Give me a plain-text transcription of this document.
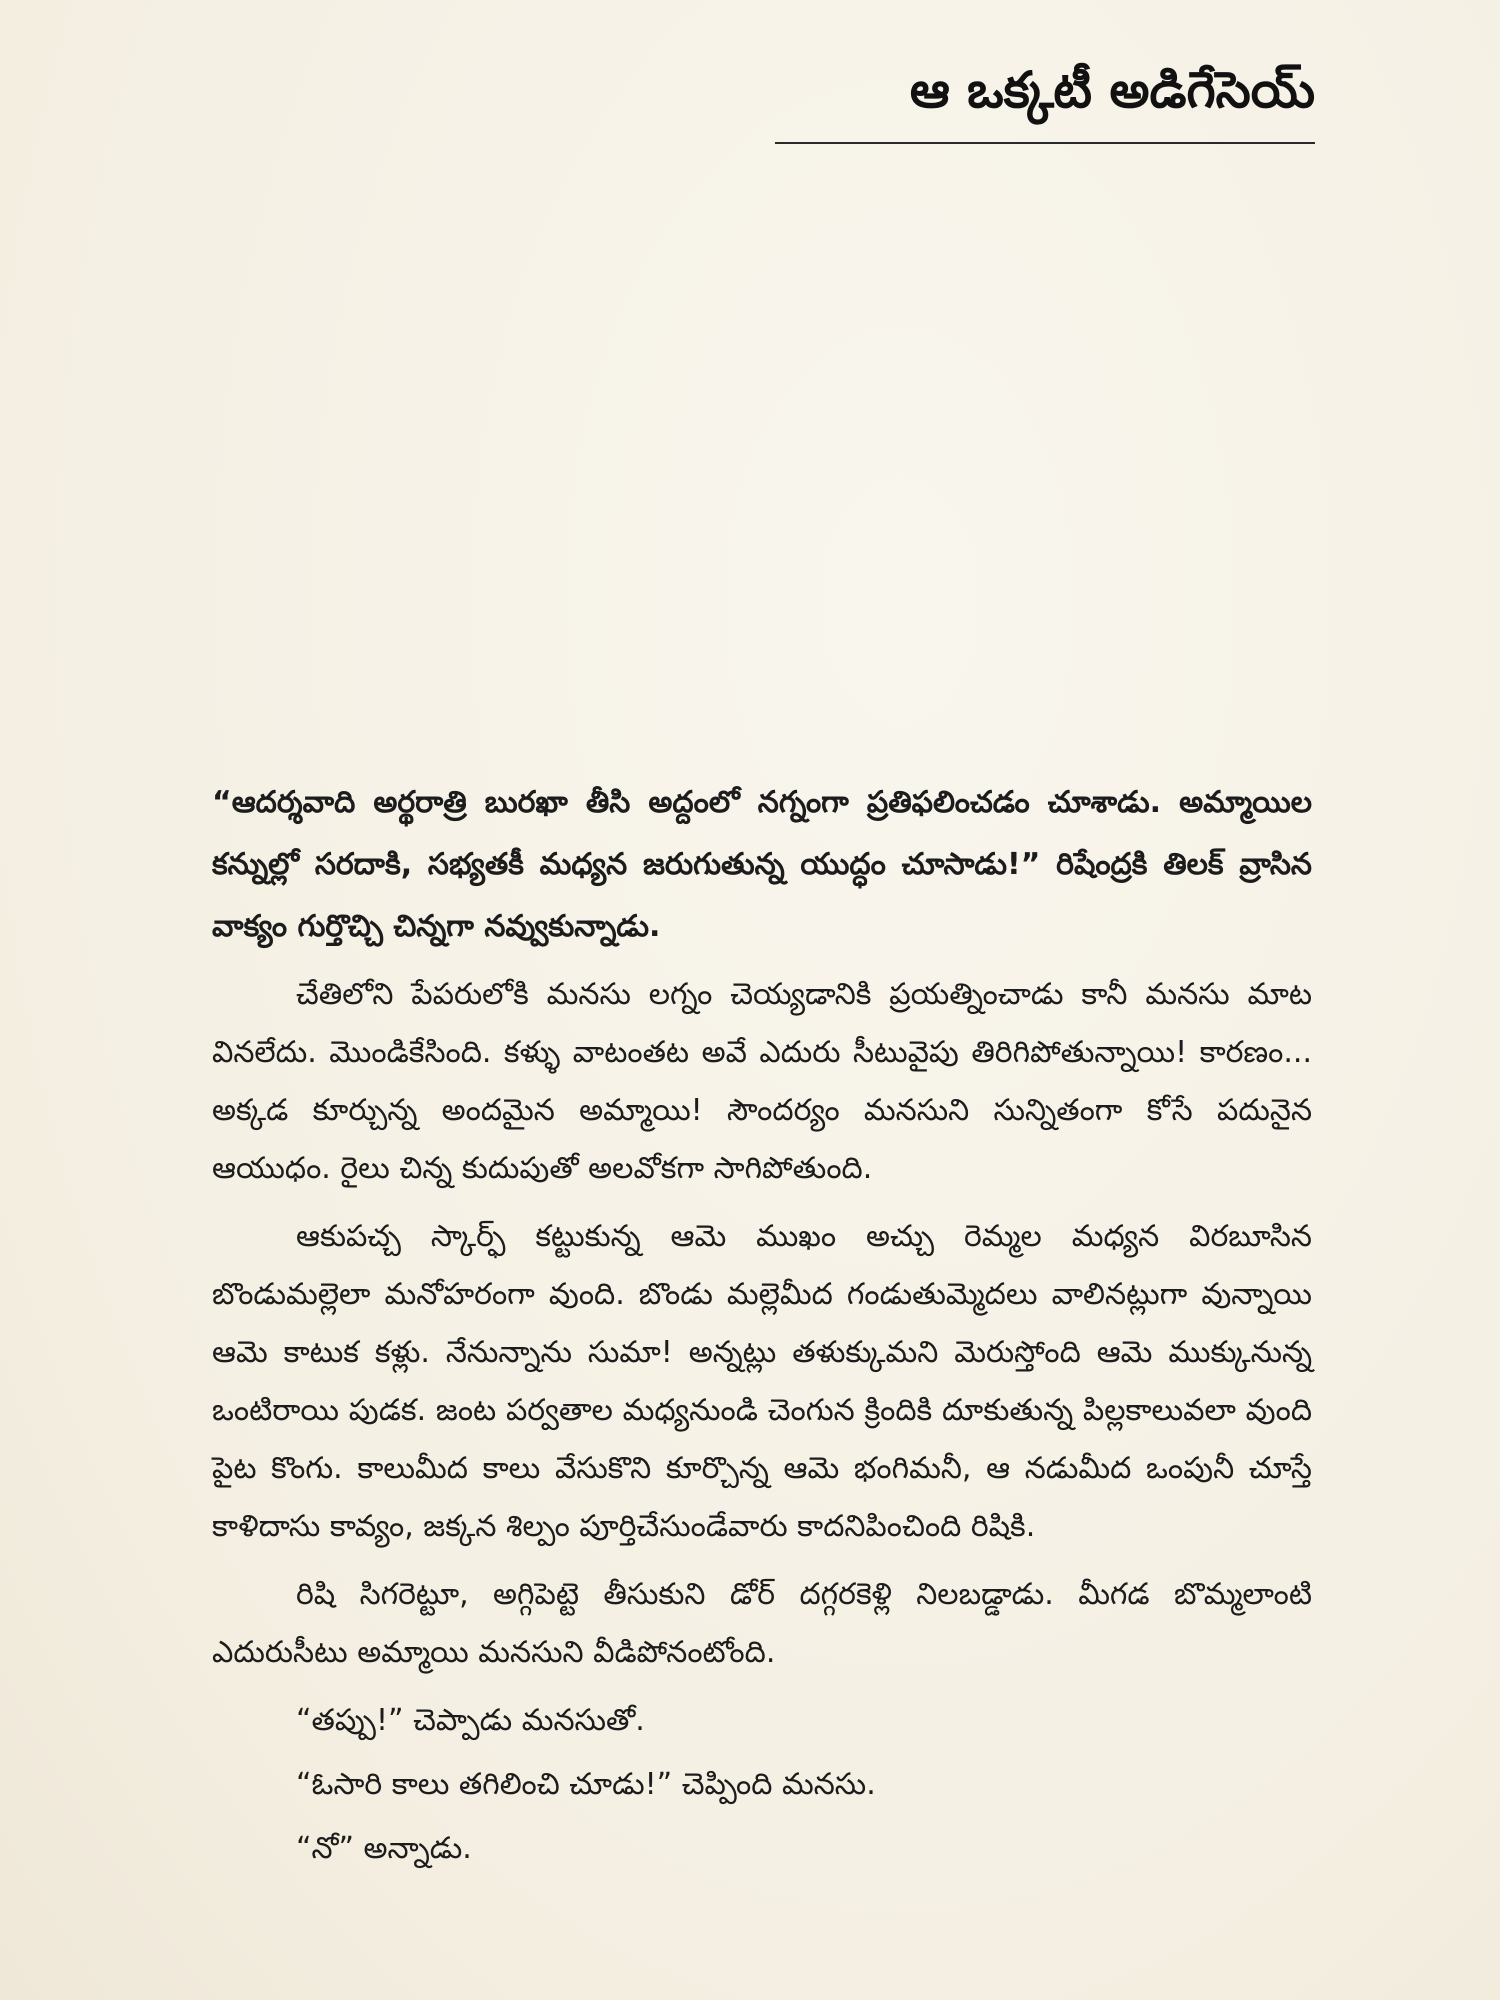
ఆ ఒక్కటీ అడిగేసెయ్

“ఆదర్శవాది అర్థరాత్రి బురఖా తీసి అద్దంలో నగ్నంగా ప్రతిఫలించడం చూశాడు. అమ్మాయిల కన్నుల్లో సరదాకి, సభ్యతకీ మధ్యన జరుగుతున్న యుద్ధం చూసాడు!” రిషేంద్రకి తిలక్ వ్రాసిన వాక్యం గుర్తొచ్చి చిన్నగా నవ్వుకున్నాడు.

చేతిలోని పేపరులోకి మనసు లగ్నం చెయ్యడానికి ప్రయత్నించాడు కానీ మనసు మాట వినలేదు. మొండికేసింది. కళ్ళు వాటంతట అవే ఎదురు సీటువైపు తిరిగిపోతున్నాయి! కారణం... అక్కడ కూర్చున్న అందమైన అమ్మాయి! సౌందర్యం మనసుని సున్నితంగా కోసే పదునైన ఆయుధం. రైలు చిన్న కుదుపుతో అలవోకగా సాగిపోతుంది.

ఆకుపచ్చ స్కార్ఫ్ కట్టుకున్న ఆమె ముఖం అచ్చు రెమ్మల మధ్యన విరబూసిన బొండుమల్లెలా మనోహరంగా వుంది. బొండు మల్లెమీద గండుతుమ్మెదలు వాలినట్లుగా వున్నాయి ఆమె కాటుక కళ్లు. నేనున్నాను సుమా! అన్నట్లు తళుక్కుమని మెరుస్తోంది ఆమె ముక్కునున్న ఒంటిరాయి పుడక. జంట పర్వతాల మధ్యనుండి చెంగున క్రిందికి దూకుతున్న పిల్లకాలువలా వుంది పైట కొంగు. కాలుమీద కాలు వేసుకొని కూర్చొన్న ఆమె భంగిమనీ, ఆ నడుమీద ఒంపునీ చూస్తే కాళిదాసు కావ్యం, జక్కన శిల్పం పూర్తిచేసుండేవారు కాదనిపించింది రిషికి.

రిషి సిగరెట్టూ, అగ్గిపెట్టె తీసుకుని డోర్ దగ్గరకెళ్లి నిలబడ్డాడు. మీగడ బొమ్మలాంటి ఎదురుసీటు అమ్మాయి మనసుని వీడిపోనంటోంది.

“తప్పు!” చెప్పాడు మనసుతో.

“ఓసారి కాలు తగిలించి చూడు!” చెప్పింది మనసు.

“నో” అన్నాడు.
